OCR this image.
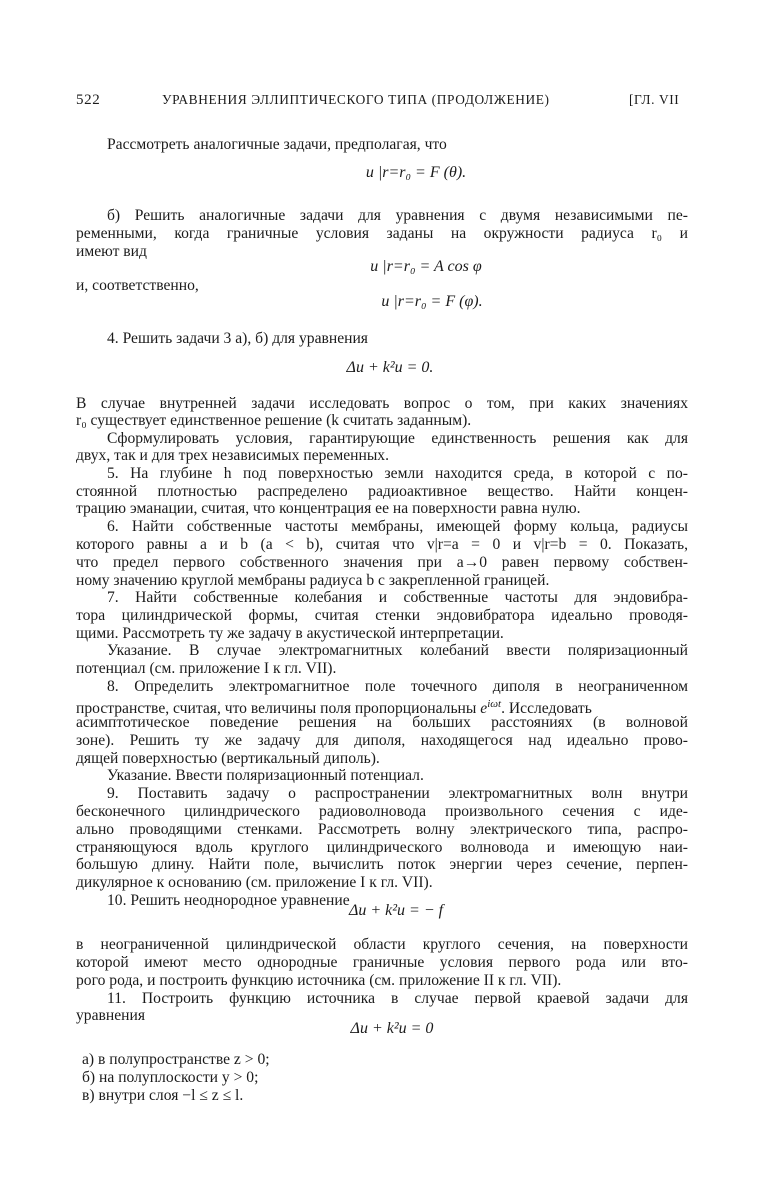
522	УРАВНЕНИЯ ЭЛЛИПТИЧЕСКОГО ТИПА (ПРОДОЛЖЕНИЕ)	[ГЛ. VII
Рассмотреть аналогичные задачи, предполагая, что
u |r=r₀ = F (θ).
б) Решить аналогичные задачи для уравнения с двумя независимыми пе-
ременными, когда граничные условия заданы на окружности радиуса r₀ и
имеют вид
u |r=r₀ = A cos φ
и, соответственно,
u |r=r₀ = F (φ).
4. Решить задачи 3 а), б) для уравнения
Δu + k²u = 0.
В случае внутренней задачи исследовать вопрос о том, при каких значениях
r₀ существует единственное решение (k считать заданным).
Сформулировать условия, гарантирующие единственность решения как для
двух, так и для трех независимых переменных.
5. На глубине h под поверхностью земли находится среда, в которой с по-
стоянной плотностью распределено радиоактивное вещество. Найти концен-
трацию эманации, считая, что концентрация ее на поверхности равна нулю.
6. Найти собственные частоты мембраны, имеющей форму кольца, радиусы
которого равны a и b (a < b), считая что v|r=a = 0 и v|r=b = 0. Показать,
что предел первого собственного значения при a→0 равен первому собствен-
ному значению круглой мембраны радиуса b с закрепленной границей.
7. Найти собственные колебания и собственные частоты для эндовибра-
тора цилиндрической формы, считая стенки эндовибратора идеально проводя-
щими. Рассмотреть ту же задачу в акустической интерпретации.
Указание. В случае электромагнитных колебаний ввести поляризационный
потенциал (см. приложение I к гл. VII).
8. Определить электромагнитное поле точечного диполя в неограниченном
пространстве, считая, что величины поля пропорциональны $e^{i\omega t}$. Исследовать
асимптотическое поведение решения на больших расстояниях (в волновой
зоне). Решить ту же задачу для диполя, находящегося над идеально прово-
дящей поверхностью (вертикальный диполь).
Указание. Ввести поляризационный потенциал.
9. Поставить задачу о распространении электромагнитных волн внутри
бесконечного цилиндрического радиоволновода произвольного сечения с иде-
ально проводящими стенками. Рассмотреть волну электрического типа, распро-
страняющуюся вдоль круглого цилиндрического волновода и имеющую наи-
большую длину. Найти поле, вычислить поток энергии через сечение, перпен-
дикулярное к основанию (см. приложение I к гл. VII).
10. Решить неоднородное уравнение
Δu + k²u = − f
в неограниченной цилиндрической области круглого сечения, на поверхности
которой имеют место однородные граничные условия первого рода или вто-
рого рода, и построить функцию источника (см. приложение II к гл. VII).
11. Построить функцию источника в случае первой краевой задачи для
уравнения
Δu + k²u = 0
а) в полупространстве z > 0;
б) на полуплоскости y > 0;
в) внутри слоя −l ≤ z ≤ l.
